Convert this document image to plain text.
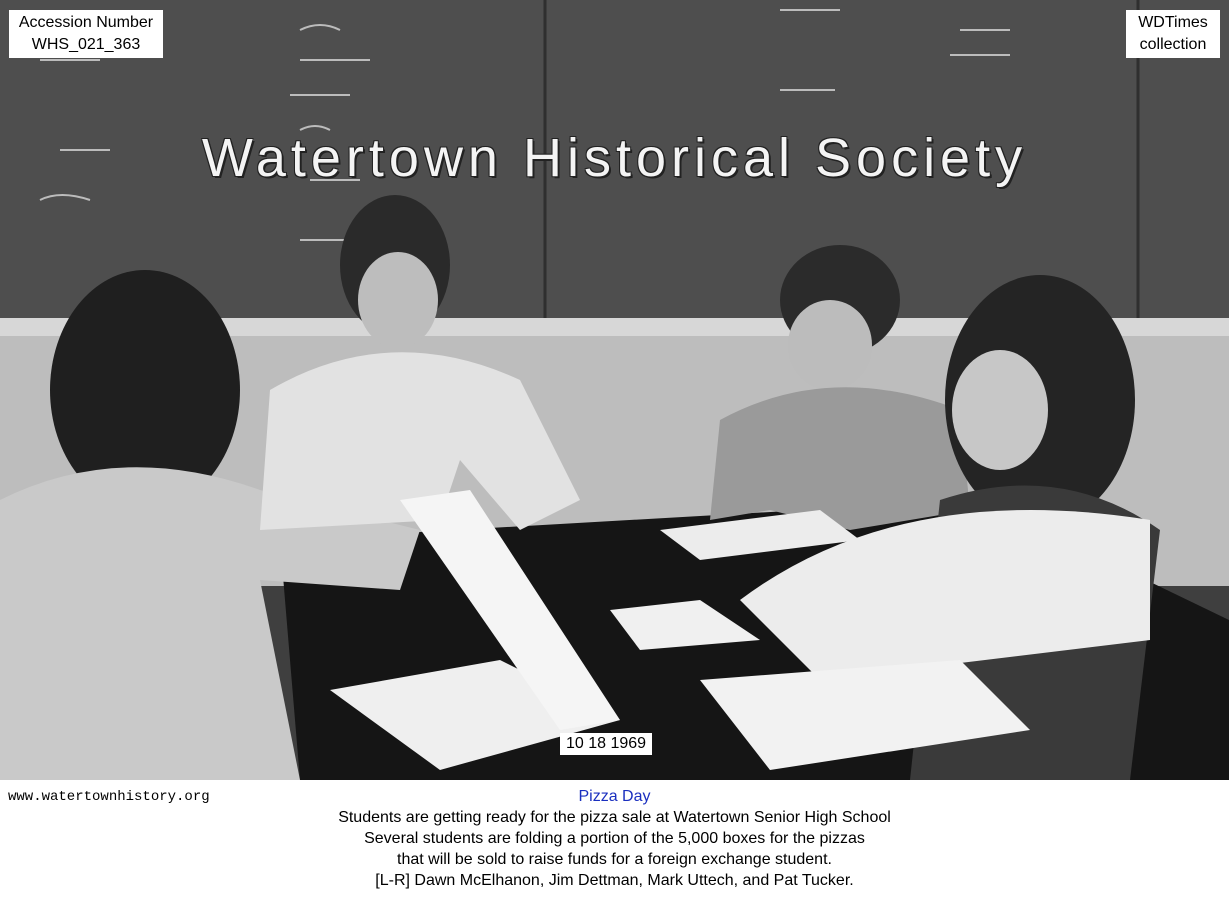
Watertown Historical Society
Accession Number
WHS_021_363
WDTimes
collection
10 18 1969
www.watertownhistory.org	Pizza Day
Students are getting ready for the pizza sale at Watertown Senior High School
Several students are folding a portion of the 5,000 boxes for the pizzas
that will be sold to raise funds for a foreign exchange student.
[L-R] Dawn McElhanon, Jim Dettman, Mark Uttech, and Pat Tucker.
